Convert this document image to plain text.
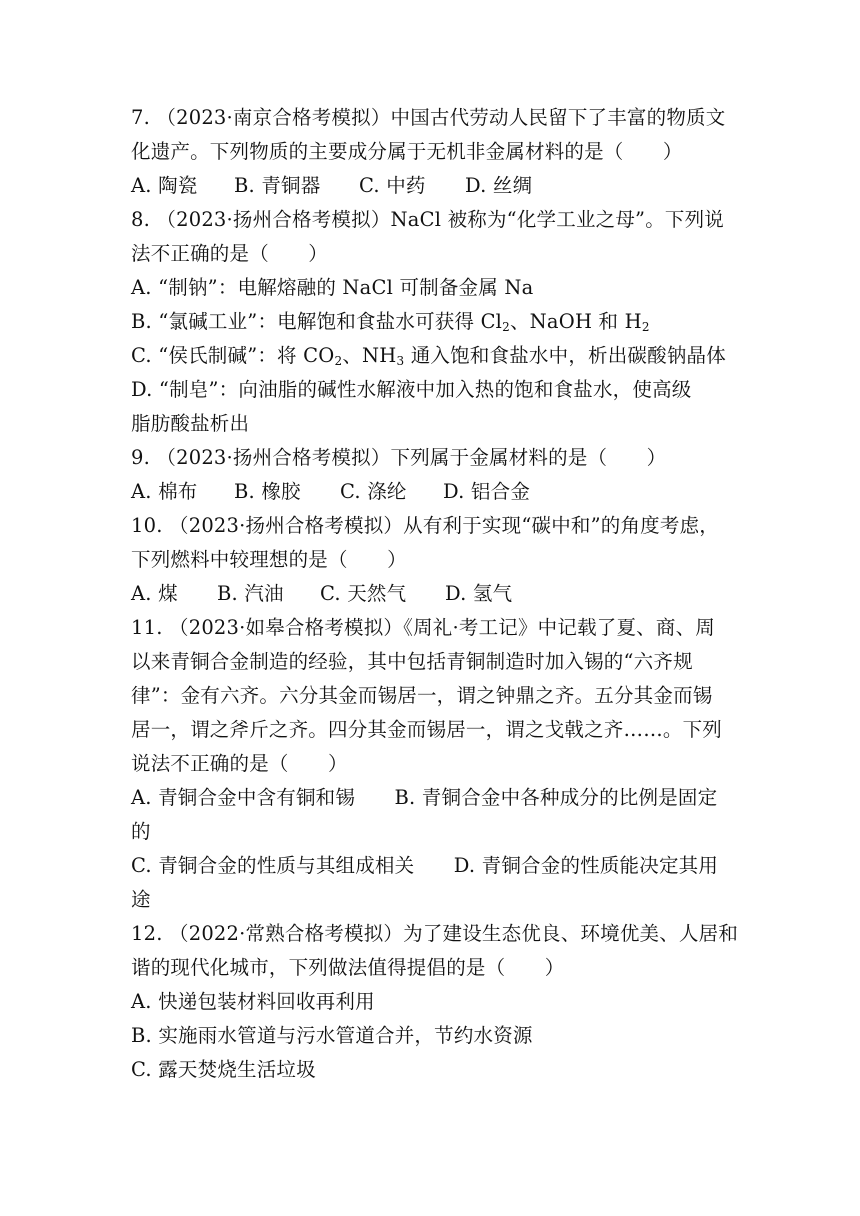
7. （2023·南京合格考模拟）中国古代劳动人民留下了丰富的物质文
化遗产。下列物质的主要成分属于无机非金属材料的是（　　）
A. 陶瓷 B. 青铜器 C. 中药 D. 丝绸
8. （2023·扬州合格考模拟）NaCl 被称为“化学工业之母”。下列说
法不正确的是（　　）
A. “制钠”：电解熔融的 NaCl 可制备金属 Na
B. “氯碱工业”：电解饱和食盐水可获得 $Cl_2$、NaOH 和 $H_2$
C. “侯氏制碱”：将 $CO_2$、$NH_3$ 通入饱和食盐水中，析出碳酸钠晶体
D. “制皂”：向油脂的碱性水解液中加入热的饱和食盐水，使高级
脂肪酸盐析出
9. （2023·扬州合格考模拟）下列属于金属材料的是（　　）
A. 棉布 B. 橡胶 C. 涤纶 D. 铝合金
10. （2023·扬州合格考模拟）从有利于实现“碳中和”的角度考虑，
下列燃料中较理想的是（　　）
A. 煤 B. 汽油 C. 天然气 D. 氢气
11. （2023·如皋合格考模拟）《周礼·考工记》中记载了夏、商、周
以来青铜合金制造的经验，其中包括青铜制造时加入锡的“六齐规
律”：金有六齐。六分其金而锡居一，谓之钟鼎之齐。五分其金而锡
居一，谓之斧斤之齐。四分其金而锡居一，谓之戈戟之齐……。下列
说法不正确的是（　　）
A. 青铜合金中含有铜和锡　　B. 青铜合金中各种成分的比例是固定
的
C. 青铜合金的性质与其组成相关　　D. 青铜合金的性质能决定其用
途
12. （2022·常熟合格考模拟）为了建设生态优良、环境优美、人居和
谐的现代化城市，下列做法值得提倡的是（　　）
A. 快递包装材料回收再利用
B. 实施雨水管道与污水管道合并，节约水资源
C. 露天焚烧生活垃圾
